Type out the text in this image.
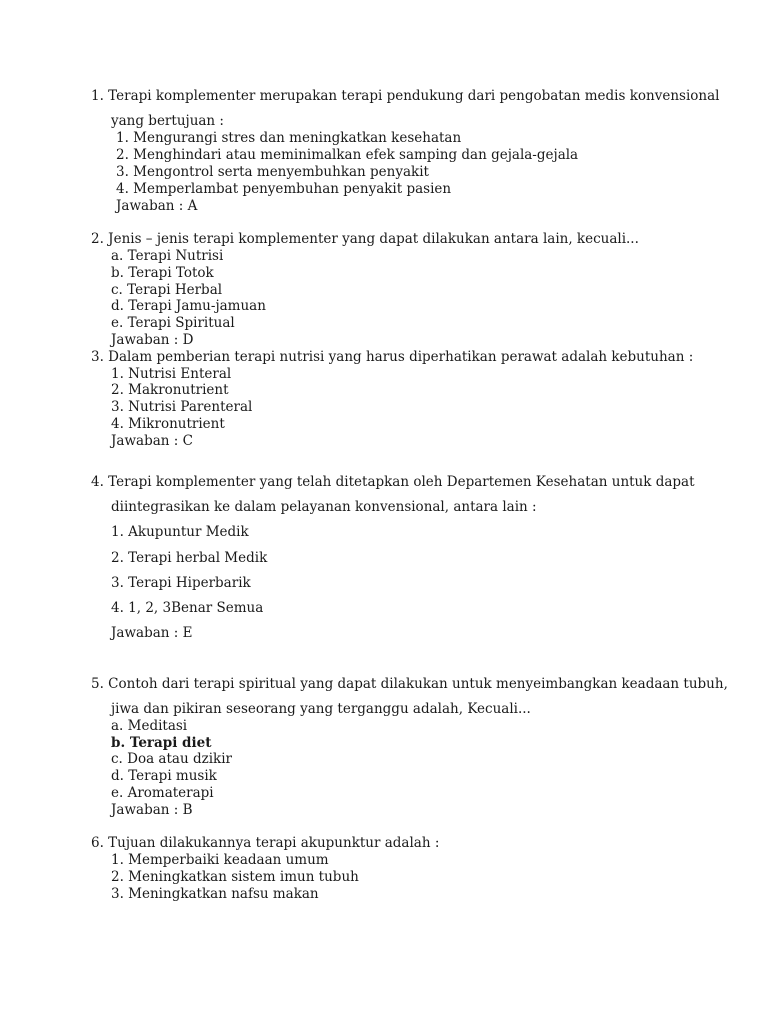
1. Terapi komplementer merupakan terapi pendukung dari pengobatan medis konvensional
yang bertujuan :
1. Mengurangi stres dan meningkatkan kesehatan
2. Menghindari atau meminimalkan efek samping dan gejala-gejala
3. Mengontrol serta menyembuhkan penyakit
4. Memperlambat penyembuhan penyakit pasien
Jawaban : A
2. Jenis – jenis terapi komplementer yang dapat dilakukan antara lain, kecuali...
a. Terapi Nutrisi
b. Terapi Totok
c. Terapi Herbal
d. Terapi Jamu-jamuan
e. Terapi Spiritual
Jawaban : D
3. Dalam pemberian terapi nutrisi yang harus diperhatikan perawat adalah kebutuhan :
1. Nutrisi Enteral
2. Makronutrient
3. Nutrisi Parenteral
4. Mikronutrient
Jawaban : C
4. Terapi komplementer yang telah ditetapkan oleh Departemen Kesehatan untuk dapat
diintegrasikan ke dalam pelayanan konvensional, antara lain :
1. Akupuntur Medik
2. Terapi herbal Medik
3. Terapi Hiperbarik
4. 1, 2, 3Benar Semua
Jawaban : E
5. Contoh dari terapi spiritual yang dapat dilakukan untuk menyeimbangkan keadaan tubuh,
jiwa dan pikiran seseorang yang terganggu adalah, Kecuali...
a. Meditasi
b. Terapi diet
c. Doa atau dzikir
d. Terapi musik
e. Aromaterapi
Jawaban : B
6. Tujuan dilakukannya terapi akupunktur adalah :
1. Memperbaiki keadaan umum
2. Meningkatkan sistem imun tubuh
3. Meningkatkan nafsu makan
